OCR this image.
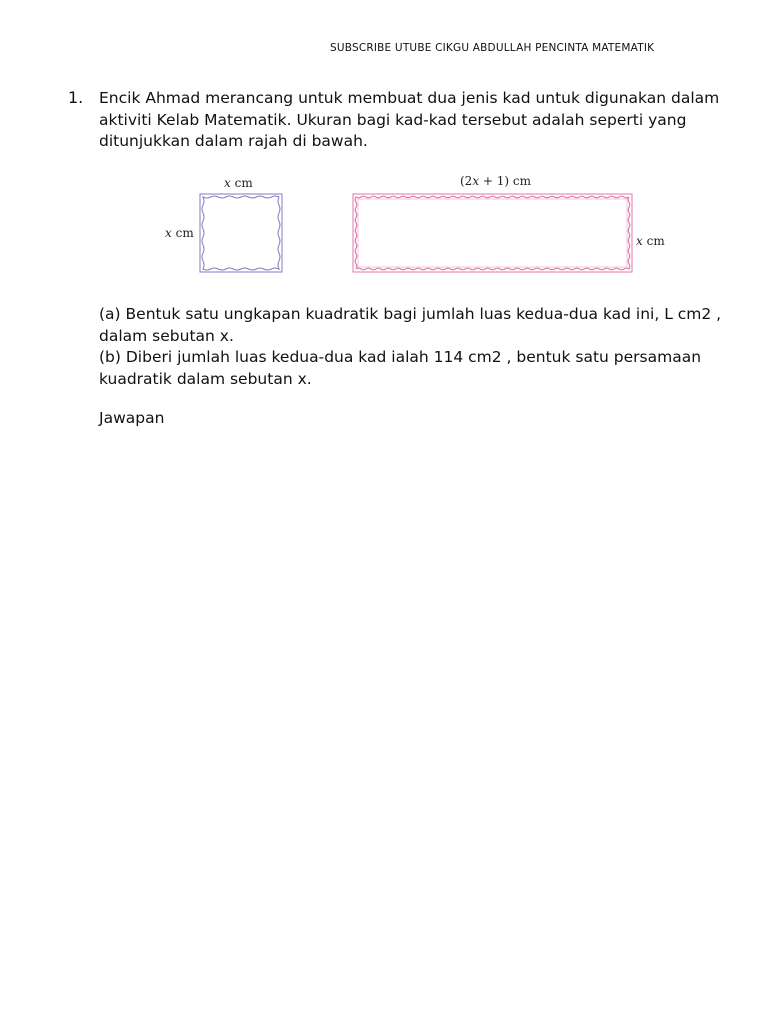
SUBSCRIBE UTUBE CIKGU ABDULLAH PENCINTA MATEMATIK
1. Encik Ahmad merancang untuk membuat dua jenis kad untuk digunakan dalam

aktiviti Kelab Matematik. Ukuran bagi kad-kad tersebut adalah seperti yang

ditunjukkan dalam rajah di bawah.

x cm
x cm
(2x + 1) cm
x cm

(a) Bentuk satu ungkapan kuadratik bagi jumlah luas kedua-dua kad ini, L cm2 ,

dalam sebutan x.

(b) Diberi jumlah luas kedua-dua kad ialah 114 cm2 , bentuk satu persamaan

kuadratik dalam sebutan x.

Jawapan
